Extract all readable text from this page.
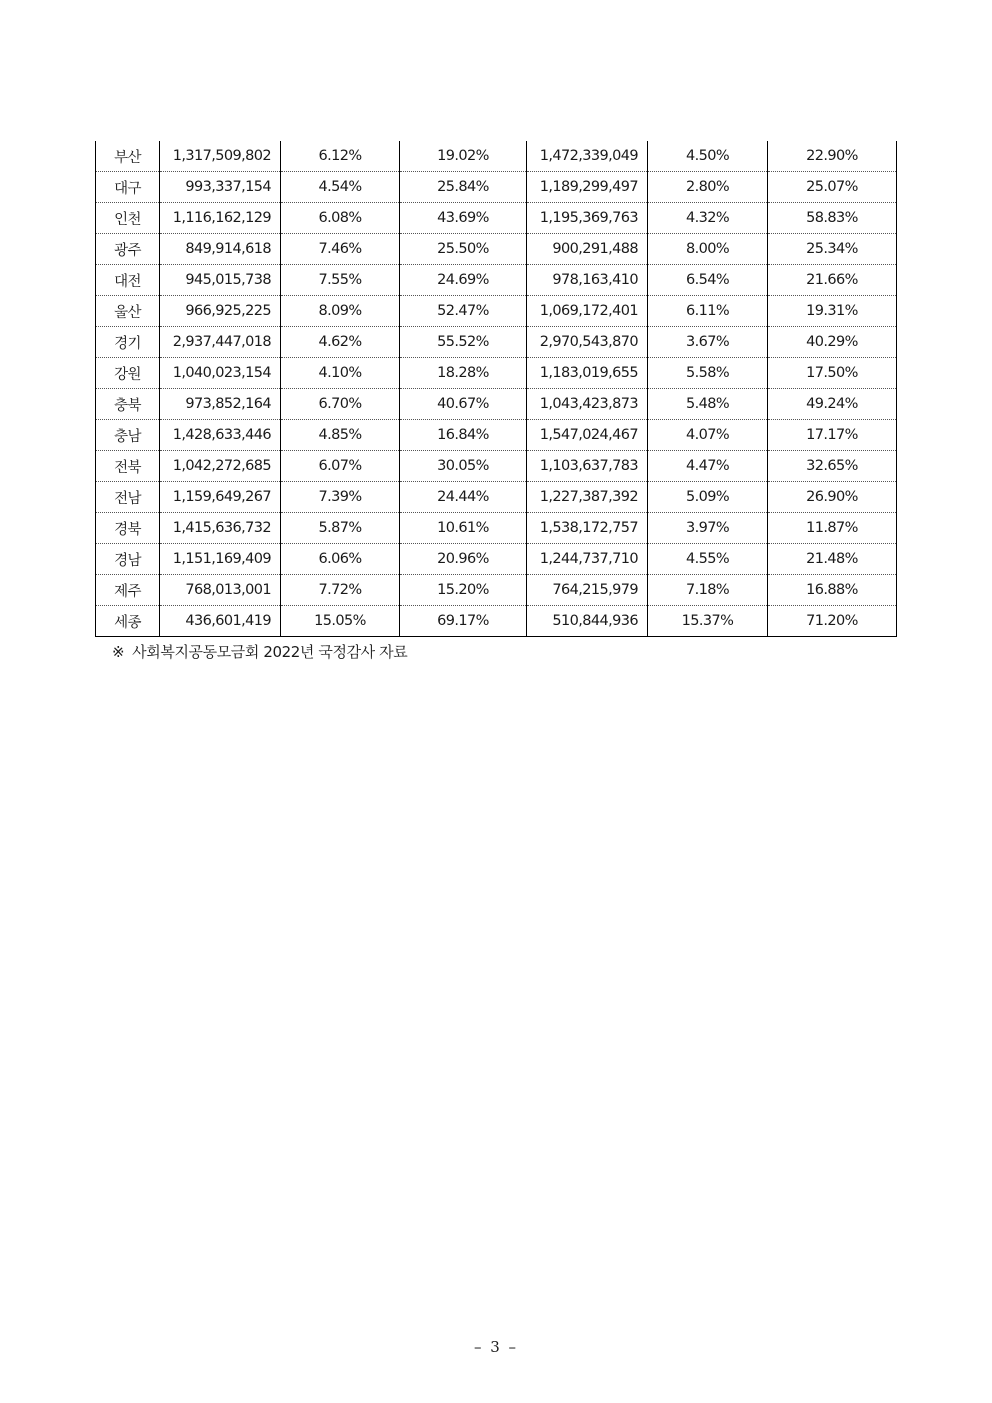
부산	1,317,509,802	6.12%	19.02%	1,472,339,049	4.50%	22.90%
대구	993,337,154	4.54%	25.84%	1,189,299,497	2.80%	25.07%
인천	1,116,162,129	6.08%	43.69%	1,195,369,763	4.32%	58.83%
광주	849,914,618	7.46%	25.50%	900,291,488	8.00%	25.34%
대전	945,015,738	7.55%	24.69%	978,163,410	6.54%	21.66%
울산	966,925,225	8.09%	52.47%	1,069,172,401	6.11%	19.31%
경기	2,937,447,018	4.62%	55.52%	2,970,543,870	3.67%	40.29%
강원	1,040,023,154	4.10%	18.28%	1,183,019,655	5.58%	17.50%
충북	973,852,164	6.70%	40.67%	1,043,423,873	5.48%	49.24%
충남	1,428,633,446	4.85%	16.84%	1,547,024,467	4.07%	17.17%
전북	1,042,272,685	6.07%	30.05%	1,103,637,783	4.47%	32.65%
전남	1,159,649,267	7.39%	24.44%	1,227,387,392	5.09%	26.90%
경북	1,415,636,732	5.87%	10.61%	1,538,172,757	3.97%	11.87%
경남	1,151,169,409	6.06%	20.96%	1,244,737,710	4.55%	21.48%
제주	768,013,001	7.72%	15.20%	764,215,979	7.18%	16.88%
세종	436,601,419	15.05%	69.17%	510,844,936	15.37%	71.20%
※ 사회복지공동모금회 2022년 국정감사 자료
– 3 –
